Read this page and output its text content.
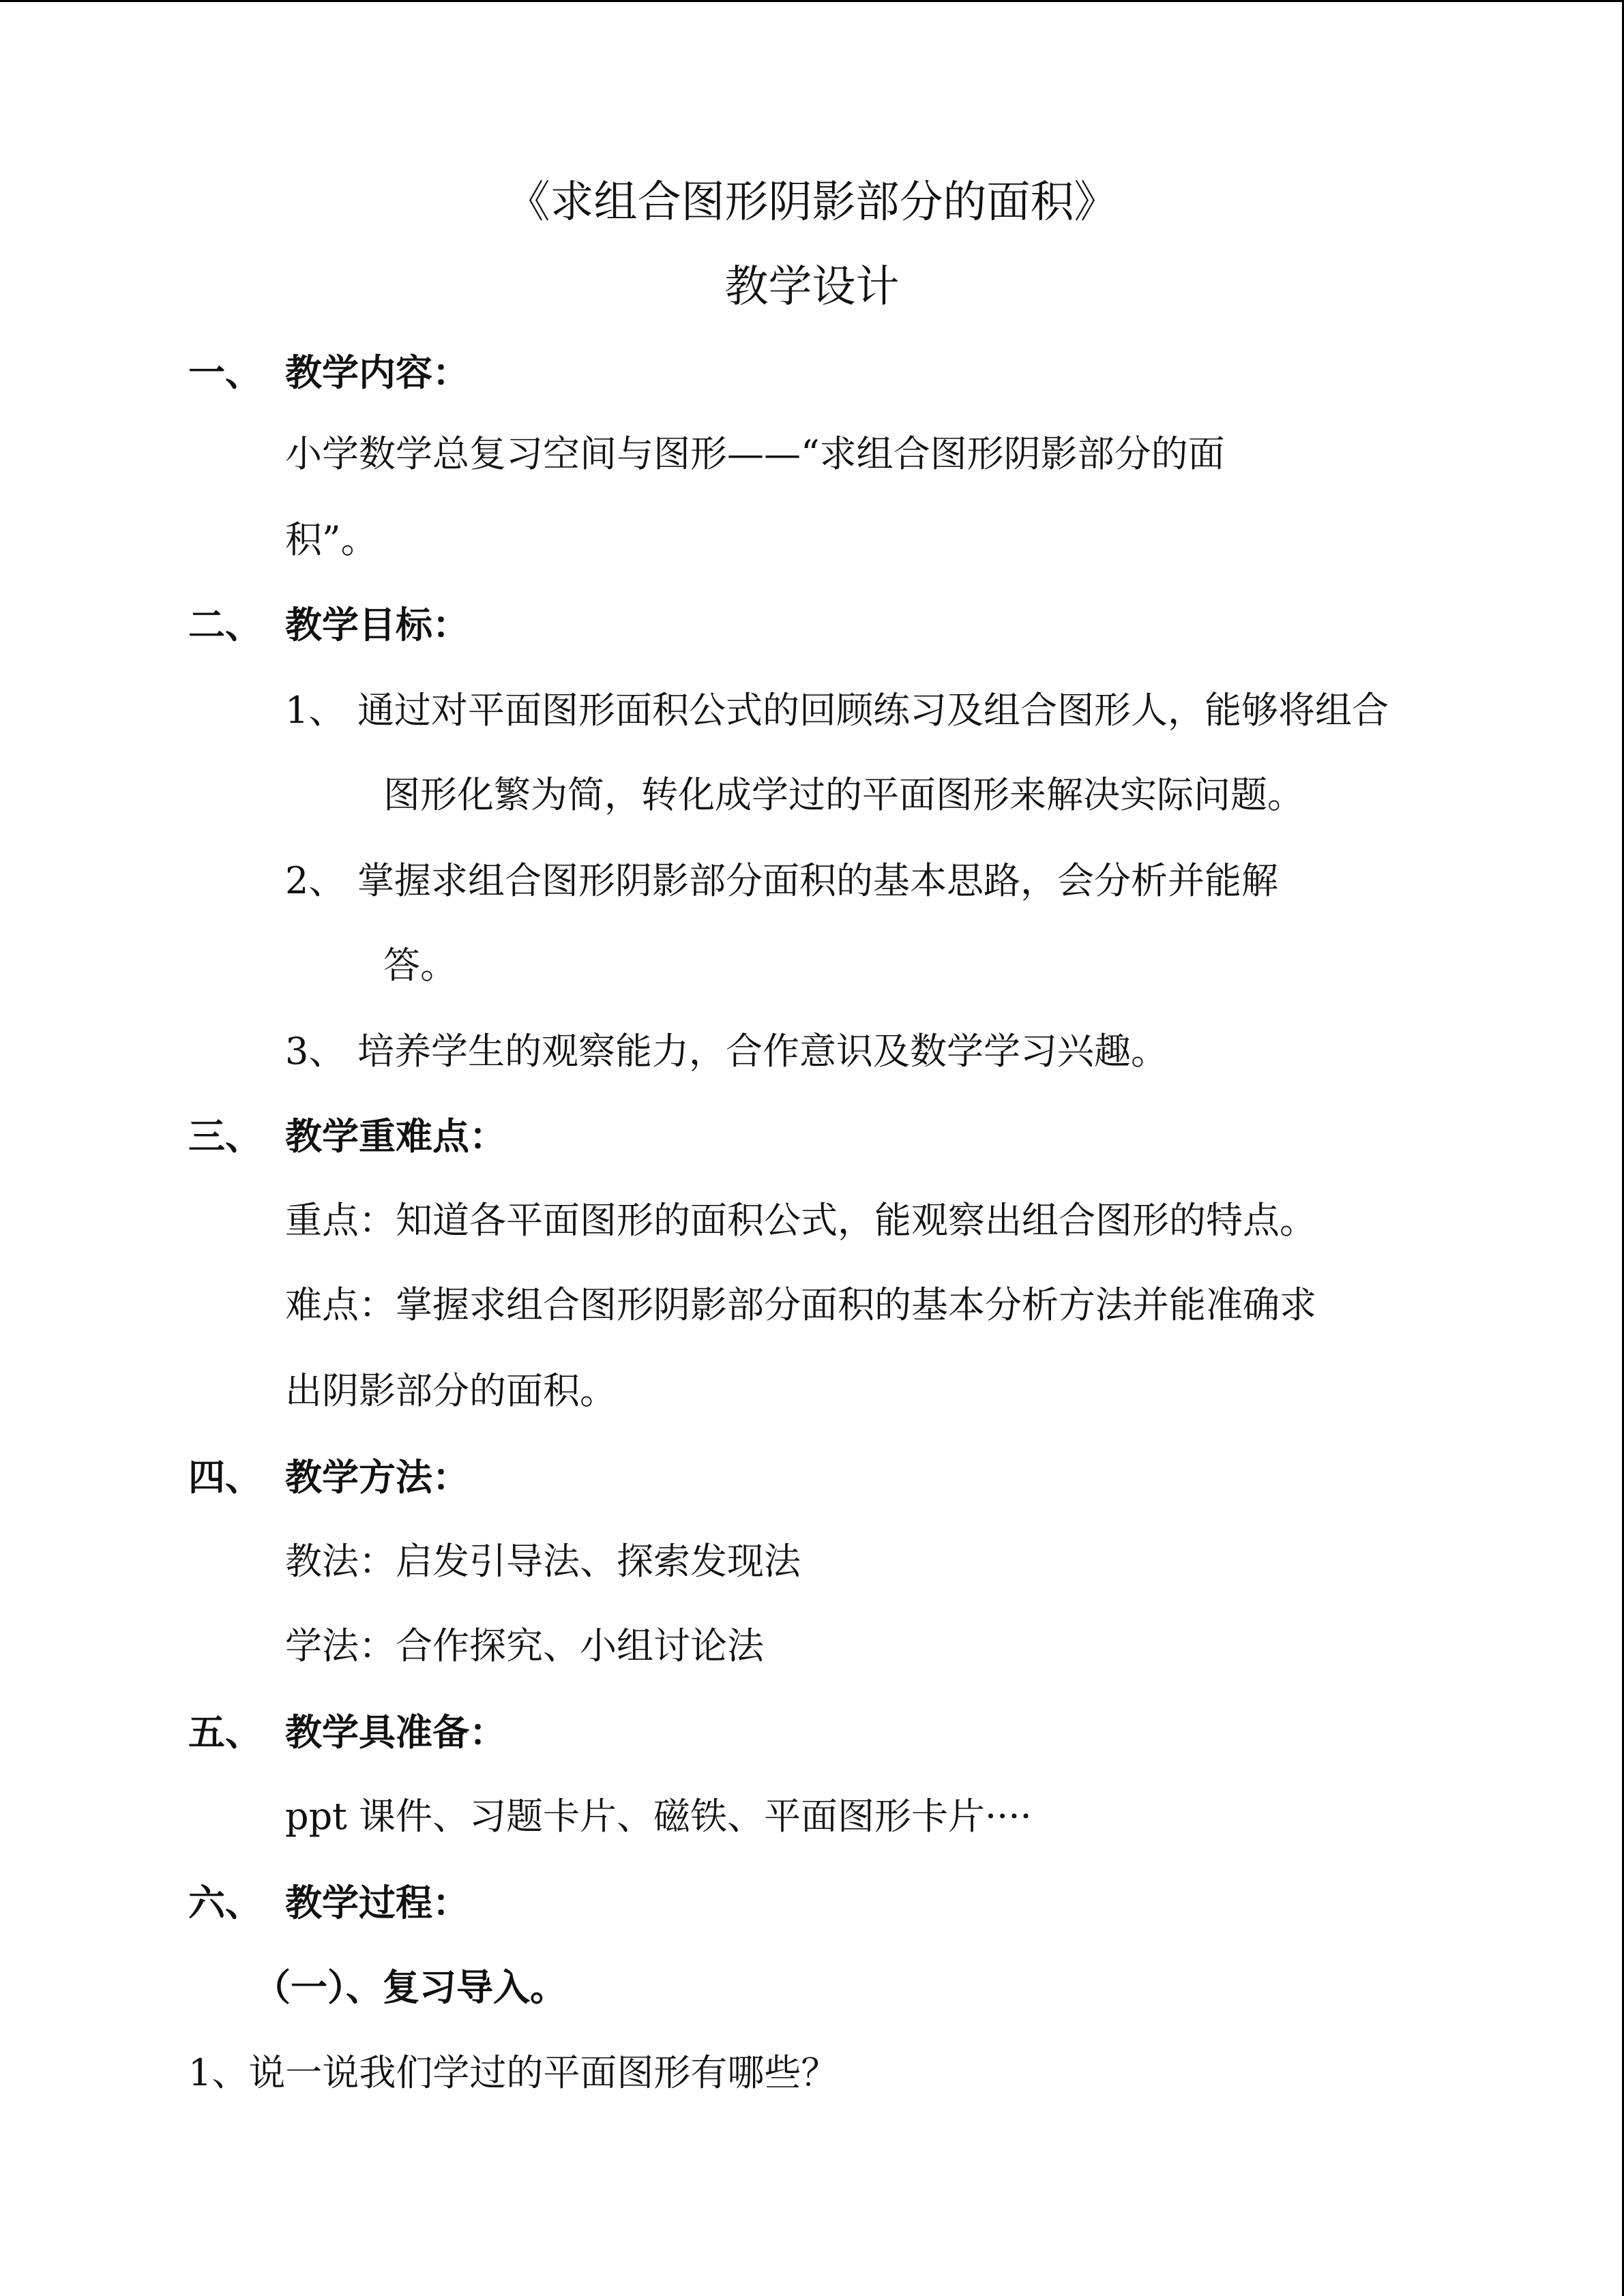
《求组合图形阴影部分的面积》
教学设计
一、 教学内容：
小学数学总复习空间与图形——“求组合图形阴影部分的面
积”。
二、 教学目标：
1、 通过对平面图形面积公式的回顾练习及组合图形人，能够将组合
图形化繁为简，转化成学过的平面图形来解决实际问题。
2、 掌握求组合图形阴影部分面积的基本思路，会分析并能解
答。
3、 培养学生的观察能力，合作意识及数学学习兴趣。
三、 教学重难点：
重点：知道各平面图形的面积公式，能观察出组合图形的特点。
难点：掌握求组合图形阴影部分面积的基本分析方法并能准确求
出阴影部分的面积。
四、 教学方法：
教法：启发引导法、探索发现法
学法：合作探究、小组讨论法
五、 教学具准备：
ppt 课件、习题卡片、磁铁、平面图形卡片····
六、 教学过程：
（一）、复习导入。
1、说一说我们学过的平面图形有哪些？
